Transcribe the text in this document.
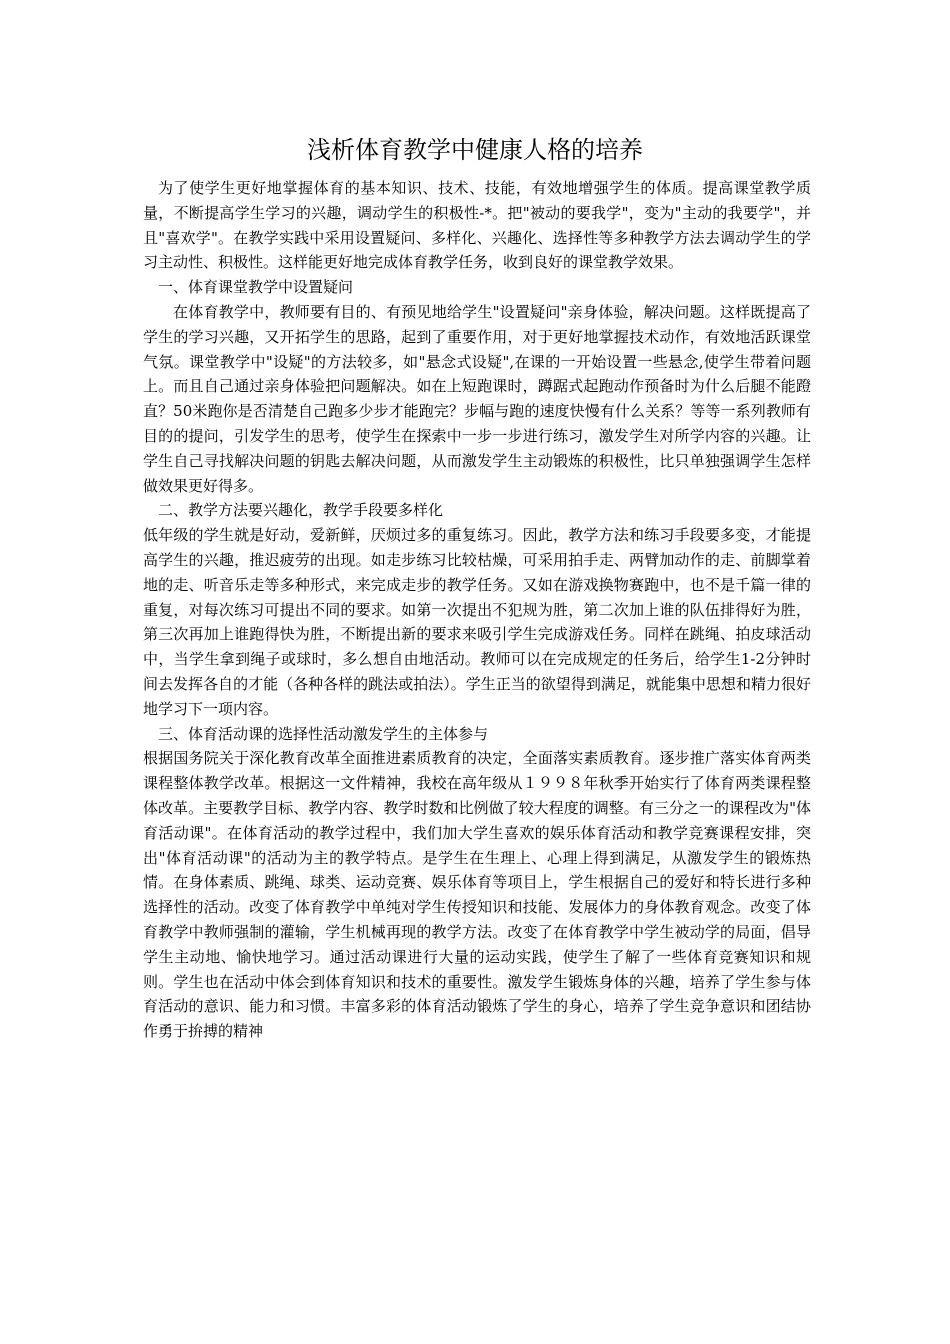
浅析体育教学中健康人格的培养

为了使学生更好地掌握体育的基本知识、技术、技能，有效地增强学生的体质。提高课堂教学质量，不断提高学生学习的兴趣，调动学生的积极性-*。把"被动的要我学"，变为"主动的我要学"，并且"喜欢学"。在教学实践中采用设置疑问、多样化、兴趣化、选择性等多种教学方法去调动学生的学习主动性、积极性。这样能更好地完成体育教学任务，收到良好的课堂教学效果。

一、体育课堂教学中设置疑问

在体育教学中，教师要有目的、有预见地给学生"设置疑问"亲身体验，解决问题。这样既提高了学生的学习兴趣，又开拓学生的思路，起到了重要作用，对于更好地掌握技术动作，有效地活跃课堂气氛。课堂教学中"设疑"的方法较多，如"悬念式设疑",在课的一开始设置一些悬念,使学生带着问题上。而且自己通过亲身体验把问题解决。如在上短跑课时，蹲踞式起跑动作预备时为什么后腿不能蹬直？50米跑你是否清楚自己跑多少步才能跑完？步幅与跑的速度快慢有什么关系？等等一系列教师有目的的提问，引发学生的思考，使学生在探索中一步一步进行练习，激发学生对所学内容的兴趣。让学生自己寻找解决问题的钥匙去解决问题，从而激发学生主动锻炼的积极性，比只单独强调学生怎样做效果更好得多。

二、教学方法要兴趣化，教学手段要多样化

低年级的学生就是好动，爱新鲜，厌烦过多的重复练习。因此，教学方法和练习手段要多变，才能提高学生的兴趣，推迟疲劳的出现。如走步练习比较枯燥，可采用拍手走、两臂加动作的走、前脚掌着地的走、听音乐走等多种形式，来完成走步的教学任务。又如在游戏换物赛跑中，也不是千篇一律的重复，对每次练习可提出不同的要求。如第一次提出不犯规为胜，第二次加上谁的队伍排得好为胜，第三次再加上谁跑得快为胜，不断提出新的要求来吸引学生完成游戏任务。同样在跳绳、拍皮球活动中，当学生拿到绳子或球时，多么想自由地活动。教师可以在完成规定的任务后，给学生1-2分钟时间去发挥各自的才能（各种各样的跳法或拍法）。学生正当的欲望得到满足，就能集中思想和精力很好地学习下一项内容。

三、体育活动课的选择性活动激发学生的主体参与

根据国务院关于深化教育改革全面推进素质教育的决定，全面落实素质教育。逐步推广落实体育两类课程整体教学改革。根据这一文件精神，我校在高年级从１９９８年秋季开始实行了体育两类课程整体改革。主要教学目标、教学内容、教学时数和比例做了较大程度的调整。有三分之一的课程改为"体育活动课"。在体育活动的教学过程中，我们加大学生喜欢的娱乐体育活动和教学竞赛课程安排，突出"体育活动课"的活动为主的教学特点。是学生在生理上、心理上得到满足，从激发学生的锻炼热情。在身体素质、跳绳、球类、运动竞赛、娱乐体育等项目上，学生根据自己的爱好和特长进行多种选择性的活动。改变了体育教学中单纯对学生传授知识和技能、发展体力的身体教育观念。改变了体育教学中教师强制的灌输，学生机械再现的教学方法。改变了在体育教学中学生被动学的局面，倡导学生主动地、愉快地学习。通过活动课进行大量的运动实践，使学生了解了一些体育竞赛知识和规则。学生也在活动中体会到体育知识和技术的重要性。激发学生锻炼身体的兴趣，培养了学生参与体育活动的意识、能力和习惯。丰富多彩的体育活动锻炼了学生的身心，培养了学生竞争意识和团结协作勇于拚搏的精神
